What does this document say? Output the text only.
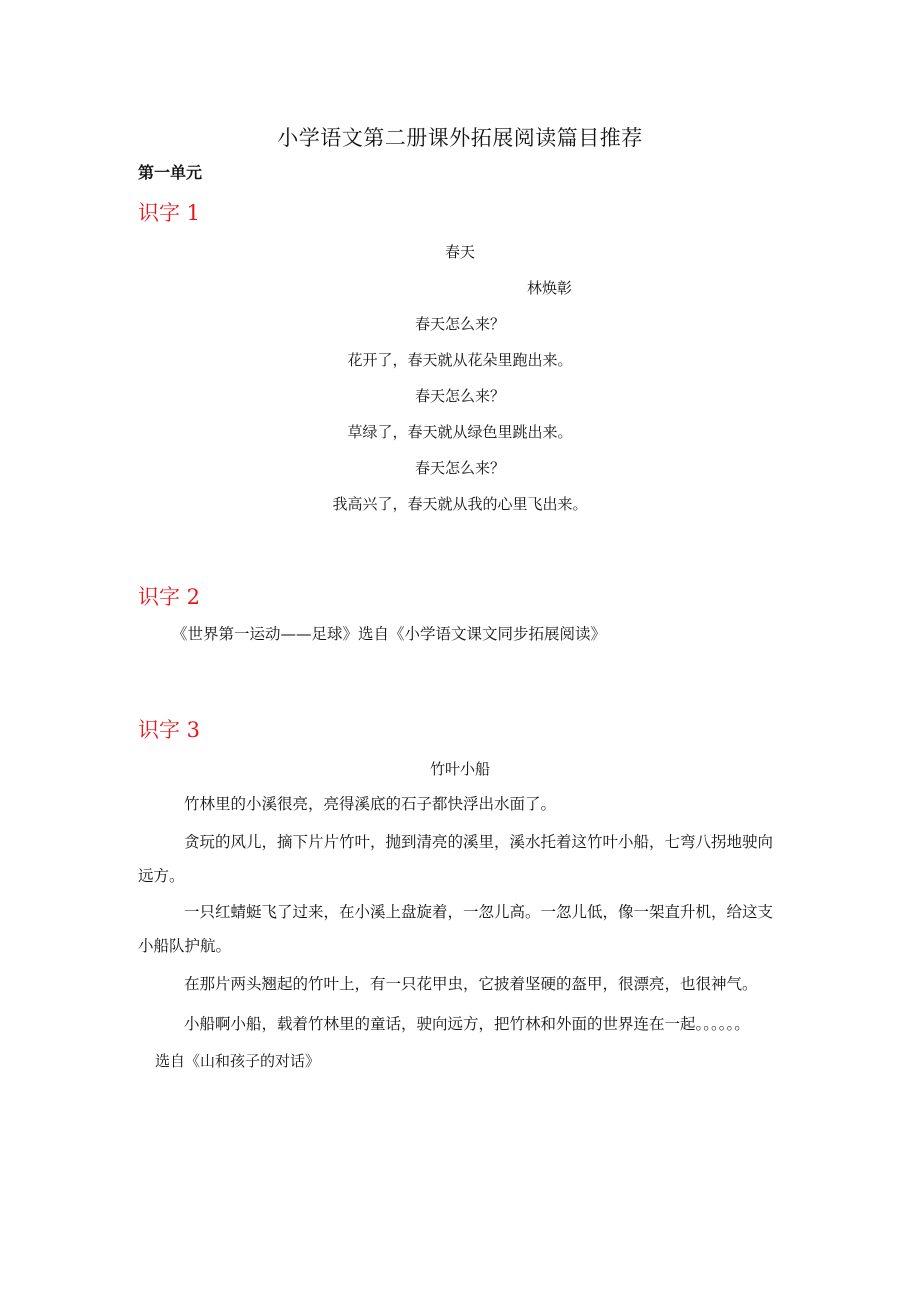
小学语文第二册课外拓展阅读篇目推荐
第一单元
识字 1
春天
林焕彰
春天怎么来？
花开了，春天就从花朵里跑出来。
春天怎么来？
草绿了，春天就从绿色里跳出来。
春天怎么来？
我高兴了，春天就从我的心里飞出来。
识字 2
《世界第一运动——足球》选自《小学语文课文同步拓展阅读》
识字 3
竹叶小船
竹林里的小溪很亮，亮得溪底的石子都快浮出水面了。
贪玩的风儿，摘下片片竹叶，抛到清亮的溪里，溪水托着这竹叶小船，七弯八拐地驶向远方。
一只红蜻蜓飞了过来，在小溪上盘旋着，一忽儿高。一忽儿低，像一架直升机，给这支小船队护航。
在那片两头翘起的竹叶上，有一只花甲虫，它披着坚硬的盔甲，很漂亮，也很神气。
小船啊小船，载着竹林里的童话，驶向远方，把竹林和外面的世界连在一起。。。。。。
选自《山和孩子的对话》
